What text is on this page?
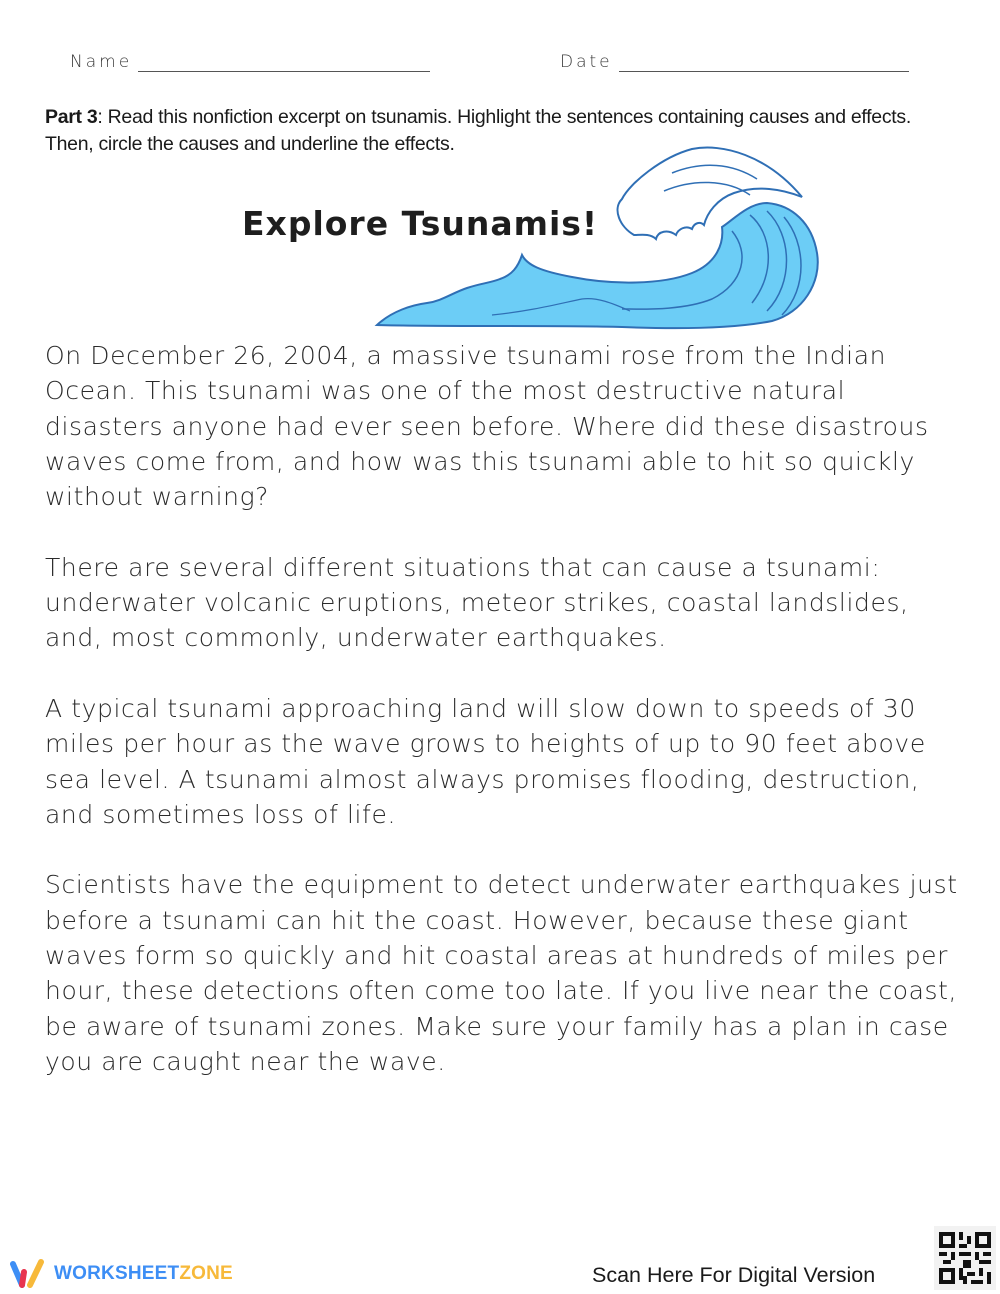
Name	Date
Part 3: Read this nonfiction excerpt on tsunamis. Highlight the sentences containing causes and effects. Then, circle the causes and underline the effects.
Explore Tsunamis!

On December 26, 2004, a massive tsunami rose from the Indian Ocean. This tsunami was one of the most destructive natural disasters anyone had ever seen before. Where did these disastrous waves come from, and how was this tsunami able to hit so quickly without warning?

There are several different situations that can cause a tsunami: underwater volcanic eruptions, meteor strikes, coastal landslides, and, most commonly, underwater earthquakes.

A typical tsunami approaching land will slow down to speeds of 30 miles per hour as the wave grows to heights of up to 90 feet above sea level. A tsunami almost always promises flooding, destruction, and sometimes loss of life.

Scientists have the equipment to detect underwater earthquakes just before a tsunami can hit the coast. However, because these giant waves form so quickly and hit coastal areas at hundreds of miles per hour, these detections often come too late. If you live near the coast, be aware of tsunami zones. Make sure your family has a plan in case you are caught near the wave.

WORKSHEETZONE	Scan Here For Digital Version
